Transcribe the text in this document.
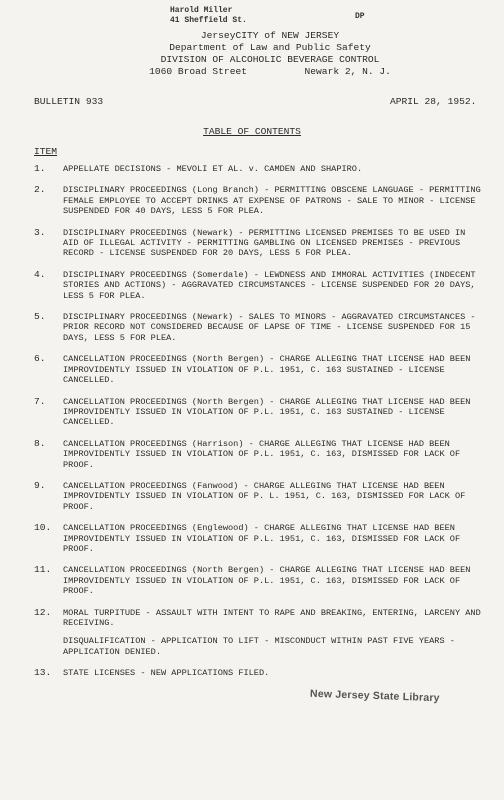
Harold Miller
41 Sheffield St.	DP
JerseyCITY of NEW JERSEY
Department of Law and Public Safety
DIVISION OF ALCOHOLIC BEVERAGE CONTROL
1060 Broad Street          Newark 2, N. J.
BULLETIN 933	APRIL 28, 1952.
TABLE OF CONTENTS
ITEM
1.	APPELLATE DECISIONS - MEVOLI ET AL. v. CAMDEN AND SHAPIRO.
2.	DISCIPLINARY PROCEEDINGS (Long Branch) - PERMITTING OBSCENE LANGUAGE - PERMITTING FEMALE EMPLOYEE TO ACCEPT DRINKS AT EXPENSE OF PATRONS - SALE TO MINOR - LICENSE SUSPENDED FOR 40 DAYS, LESS 5 FOR PLEA.
3.	DISCIPLINARY PROCEEDINGS (Newark) - PERMITTING LICENSED PREMISES TO BE USED IN AID OF ILLEGAL ACTIVITY - PERMITTING GAMBLING ON LICENSED PREMISES - PREVIOUS RECORD - LICENSE SUSPENDED FOR 20 DAYS, LESS 5 FOR PLEA.
4.	DISCIPLINARY PROCEEDINGS (Somerdale) - LEWDNESS AND IMMORAL ACTIVITIES (INDECENT STORIES AND ACTIONS) - AGGRAVATED CIRCUMSTANCES - LICENSE SUSPENDED FOR 20 DAYS, LESS 5 FOR PLEA.
5.	DISCIPLINARY PROCEEDINGS (Newark) - SALES TO MINORS - AGGRAVATED CIRCUMSTANCES - PRIOR RECORD NOT CONSIDERED BECAUSE OF LAPSE OF TIME - LICENSE SUSPENDED FOR 15 DAYS, LESS 5 FOR PLEA.
6.	CANCELLATION PROCEEDINGS (North Bergen) - CHARGE ALLEGING THAT LICENSE HAD BEEN IMPROVIDENTLY ISSUED IN VIOLATION OF P.L. 1951, C. 163 SUSTAINED - LICENSE CANCELLED.
7.	CANCELLATION PROCEEDINGS (North Bergen) - CHARGE ALLEGING THAT LICENSE HAD BEEN IMPROVIDENTLY ISSUED IN VIOLATION OF P.L. 1951, C. 163 SUSTAINED - LICENSE CANCELLED.
8.	CANCELLATION PROCEEDINGS (Harrison) - CHARGE ALLEGING THAT LICENSE HAD BEEN IMPROVIDENTLY ISSUED IN VIOLATION OF P.L. 1951, C. 163, DISMISSED FOR LACK OF PROOF.
9.	CANCELLATION PROCEEDINGS (Fanwood) - CHARGE ALLEGING THAT LICENSE HAD BEEN IMPROVIDENTLY ISSUED IN VIOLATION OF P. L. 1951, C. 163, DISMISSED FOR LACK OF PROOF.
10.	CANCELLATION PROCEEDINGS (Englewood) - CHARGE ALLEGING THAT LICENSE HAD BEEN IMPROVIDENTLY ISSUED IN VIOLATION OF P.L. 1951, C. 163, DISMISSED FOR LACK OF PROOF.
11.	CANCELLATION PROCEEDINGS (North Bergen) - CHARGE ALLEGING THAT LICENSE HAD BEEN IMPROVIDENTLY ISSUED IN VIOLATION OF P.L. 1951, C. 163, DISMISSED FOR LACK OF PROOF.
12.	MORAL TURPITUDE - ASSAULT WITH INTENT TO RAPE AND BREAKING, ENTERING, LARCENY AND RECEIVING.
DISQUALIFICATION - APPLICATION TO LIFT - MISCONDUCT WITHIN PAST FIVE YEARS - APPLICATION DENIED.
13.	STATE LICENSES - NEW APPLICATIONS FILED.
New Jersey State Library
